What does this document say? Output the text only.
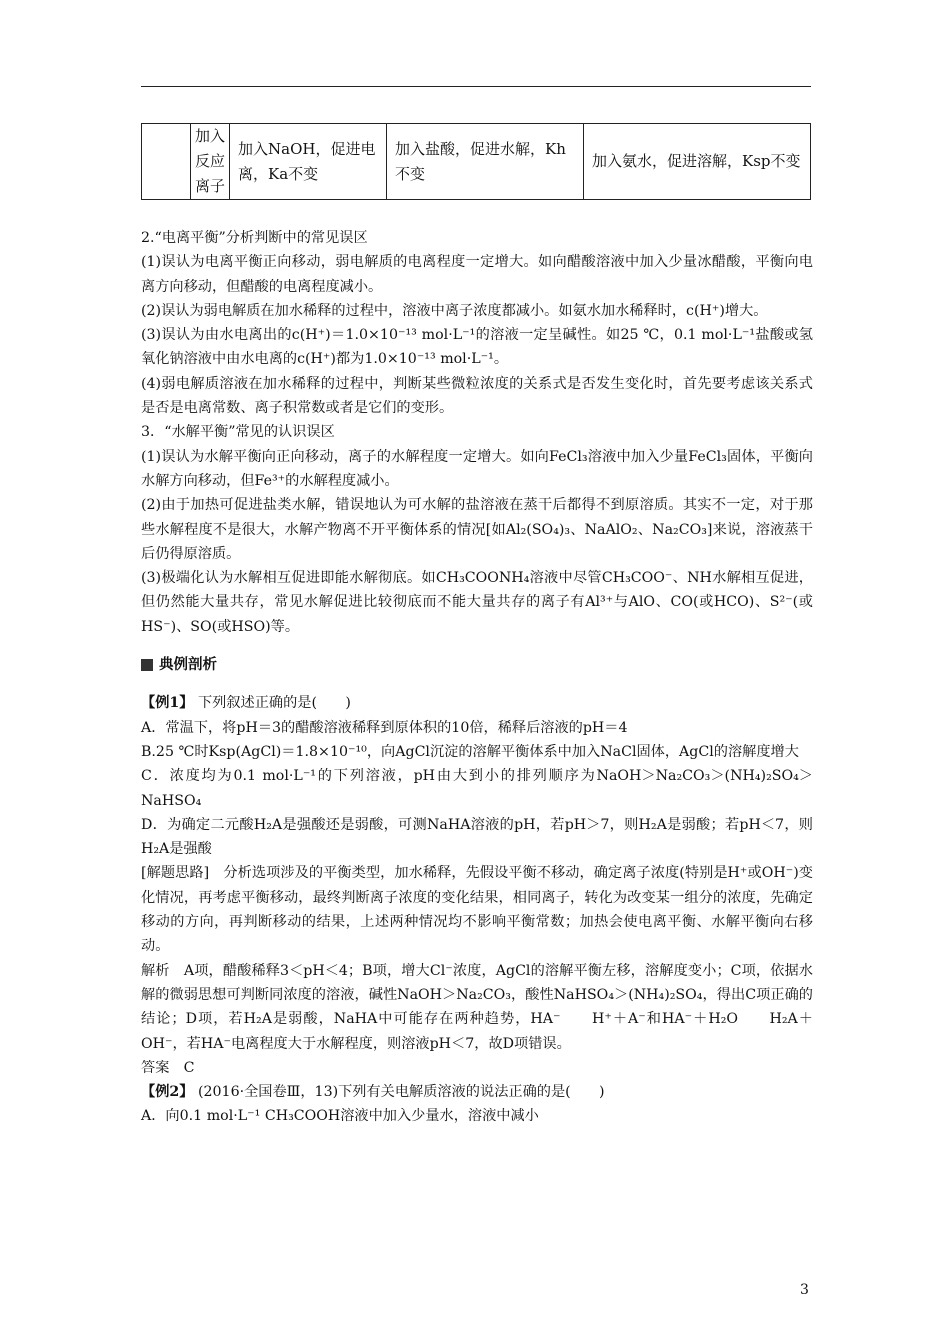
	加入反应离子	加入NaOH，促进电离，Ka不变	加入盐酸，促进水解，Kh不变	加入氨水，促进溶解，Ksp不变

2.“电离平衡”分析判断中的常见误区

(1)误认为电离平衡正向移动，弱电解质的电离程度一定增大。如向醋酸溶液中加入少量冰醋酸，平衡向电离方向移动，但醋酸的电离程度减小。

(2)误认为弱电解质在加水稀释的过程中，溶液中离子浓度都减小。如氨水加水稀释时，c(H⁺)增大。

(3)误认为由水电离出的c(H⁺)＝1.0×10⁻¹³ mol·L⁻¹的溶液一定呈碱性。如25 ℃，0.1 mol·L⁻¹盐酸或氢氧化钠溶液中由水电离的c(H⁺)都为1.0×10⁻¹³ mol·L⁻¹。

(4)弱电解质溶液在加水稀释的过程中，判断某些微粒浓度的关系式是否发生变化时，首先要考虑该关系式是否是电离常数、离子积常数或者是它们的变形。

3．“水解平衡”常见的认识误区

(1)误认为水解平衡向正向移动，离子的水解程度一定增大。如向FeCl₃溶液中加入少量FeCl₃固体，平衡向水解方向移动，但Fe³⁺的水解程度减小。

(2)由于加热可促进盐类水解，错误地认为可水解的盐溶液在蒸干后都得不到原溶质。其实不一定，对于那些水解程度不是很大，水解产物离不开平衡体系的情况[如Al₂(SO₄)₃、NaAlO₂、Na₂CO₃]来说，溶液蒸干后仍得原溶质。

(3)极端化认为水解相互促进即能水解彻底。如CH₃COONH₄溶液中尽管CH₃COO⁻、NH水解相互促进，但仍然能大量共存，常见水解促进比较彻底而不能大量共存的离子有Al³⁺与AlO、CO(或HCO)、S²⁻(或HS⁻)、SO(或HSO)等。

典例剖析

【例1】 下列叙述正确的是(　　)

A．常温下，将pH＝3的醋酸溶液稀释到原体积的10倍，稀释后溶液的pH＝4

B.25 ℃时Ksp(AgCl)＝1.8×10⁻¹⁰，向AgCl沉淀的溶解平衡体系中加入NaCl固体，AgCl的溶解度增大

C．浓度均为0.1 mol·L⁻¹的下列溶液，pH由大到小的排列顺序为NaOH＞Na₂CO₃＞(NH₄)₂SO₄＞NaHSO₄

D．为确定二元酸H₂A是强酸还是弱酸，可测NaHA溶液的pH，若pH＞7，则H₂A是弱酸；若pH＜7，则H₂A是强酸

[解题思路]　分析选项涉及的平衡类型，加水稀释，先假设平衡不移动，确定离子浓度(特别是H⁺或OH⁻)变化情况，再考虑平衡移动，最终判断离子浓度的变化结果，相同离子，转化为改变某一组分的浓度，先确定移动的方向，再判断移动的结果，上述两种情况均不影响平衡常数；加热会使电离平衡、水解平衡向右移动。

解析　A项，醋酸稀释3＜pH＜4；B项，增大Cl⁻浓度，AgCl的溶解平衡左移，溶解度变小；C项，依据水解的微弱思想可判断同浓度的溶液，碱性NaOH＞Na₂CO₃，酸性NaHSO₄＞(NH₄)₂SO₄，得出C项正确的结论；D项，若H₂A是弱酸，NaHA中可能存在两种趋势，HA⁻　　H⁺＋A⁻和HA⁻＋H₂O　　H₂A＋OH⁻，若HA⁻电离程度大于水解程度，则溶液pH＜7，故D项错误。

答案　C

【例2】 (2016·全国卷Ⅲ，13)下列有关电解质溶液的说法正确的是(　　)

A．向0.1 mol·L⁻¹ CH₃COOH溶液中加入少量水，溶液中减小

3
